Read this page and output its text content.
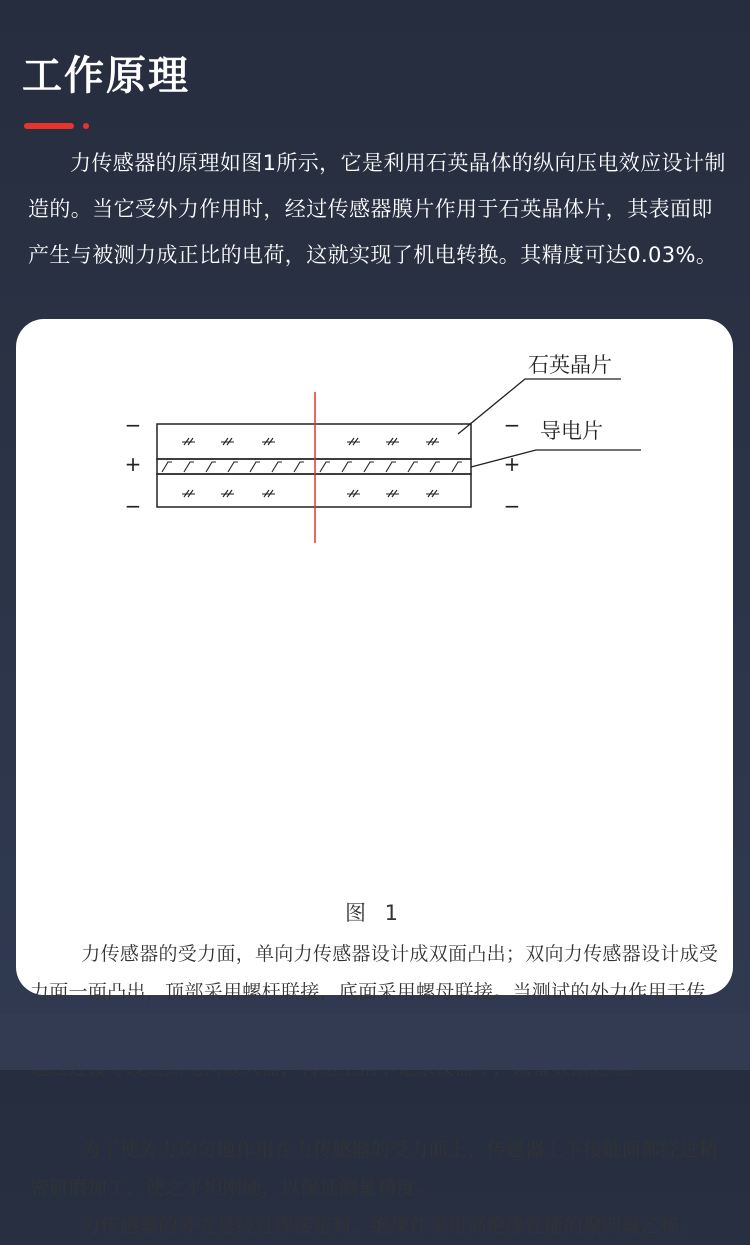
工作原理

力传感器的原理如图1所示，它是利用石英晶体的纵向压电效应设计制造的。当它受外力作用时，经过传感器膜片作用于石英晶体片，其表面即产生与被测力成正比的电荷，这就实现了机电转换。其精度可达0.03%。

石英晶片
导电片
−
+
−
−
+
−

图 1

力传感器的受力面，单向力传感器设计成双面凸出；双向力传感器设计成受力面一面凸出，顶部采用螺杆联接，底面采用螺母联接。当测试的外力作用于传

为了使外力均匀地作用在力传感器的受力面上，传感器上下接触面都经过精密研磨加工，使之平坦刚硬，以保证测量精度。

力传感器的外壳是经过焊接密封，绝缘件采用高绝缘性能的聚四氟乙稀。
